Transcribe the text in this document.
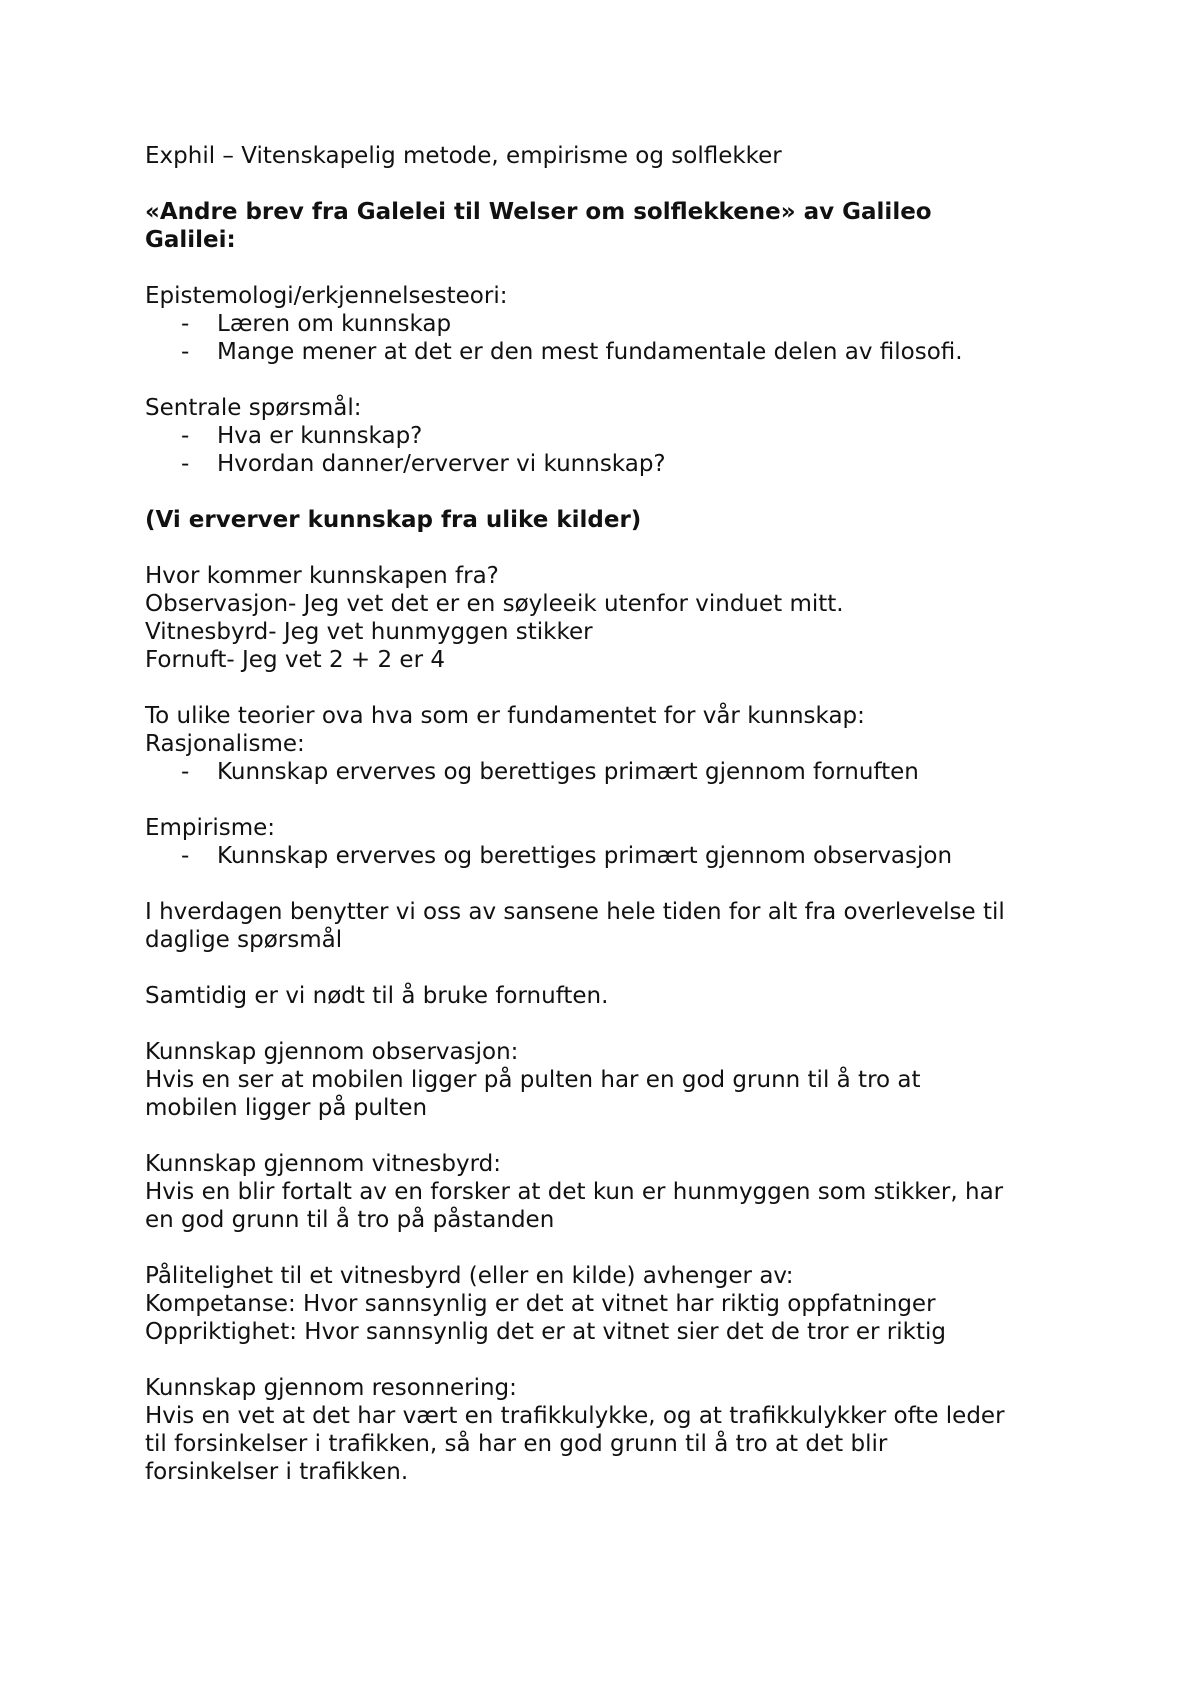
Exphil – Vitenskapelig metode, empirisme og solflekker
«Andre brev fra Galelei til Welser om solflekkene» av Galileo
Galilei:
Epistemologi/erkjennelsesteori:
-	Læren om kunnskap
-	Mange mener at det er den mest fundamentale delen av filosofi.
Sentrale spørsmål:
-	Hva er kunnskap?
-	Hvordan danner/erverver vi kunnskap?
(Vi erverver kunnskap fra ulike kilder)
Hvor kommer kunnskapen fra?
Observasjon- Jeg vet det er en søyleeik utenfor vinduet mitt.
Vitnesbyrd- Jeg vet hunmyggen stikker
Fornuft- Jeg vet 2 + 2 er 4
To ulike teorier ova hva som er fundamentet for vår kunnskap:
Rasjonalisme:
-	Kunnskap erverves og berettiges primært gjennom fornuften
Empirisme:
-	Kunnskap erverves og berettiges primært gjennom observasjon
I hverdagen benytter vi oss av sansene hele tiden for alt fra overlevelse til
daglige spørsmål
Samtidig er vi nødt til å bruke fornuften.
Kunnskap gjennom observasjon:
Hvis en ser at mobilen ligger på pulten har en god grunn til å tro at
mobilen ligger på pulten
Kunnskap gjennom vitnesbyrd:
Hvis en blir fortalt av en forsker at det kun er hunmyggen som stikker, har
en god grunn til å tro på påstanden
Pålitelighet til et vitnesbyrd (eller en kilde) avhenger av:
Kompetanse: Hvor sannsynlig er det at vitnet har riktig oppfatninger
Oppriktighet: Hvor sannsynlig det er at vitnet sier det de tror er riktig
Kunnskap gjennom resonnering:
Hvis en vet at det har vært en trafikkulykke, og at trafikkulykker ofte leder
til forsinkelser i trafikken, så har en god grunn til å tro at det blir
forsinkelser i trafikken.
